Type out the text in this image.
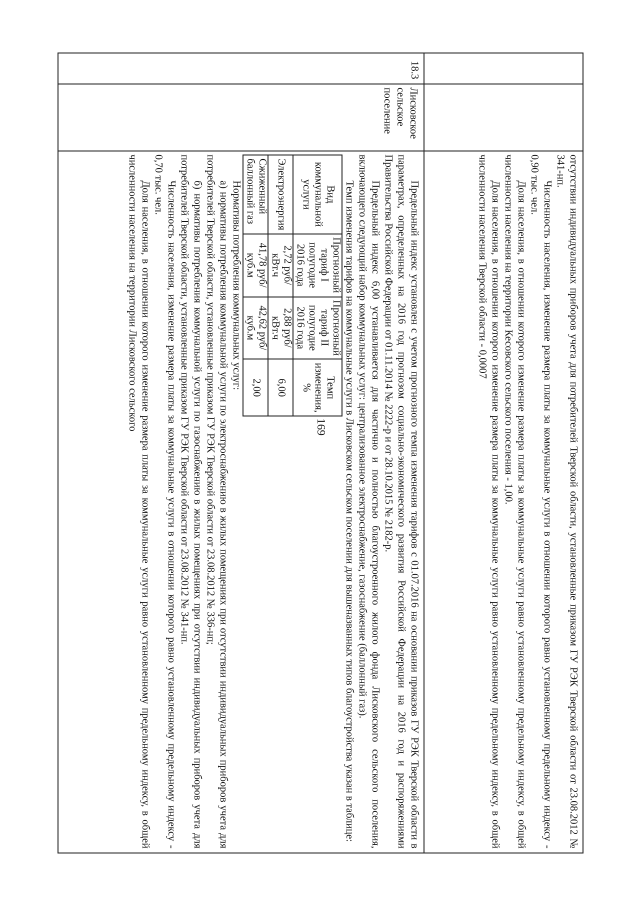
169	отсутствии индивидуальных приборов учета для потребителей Тверской области, установленные приказом ГУ РЭК Тверской области от 23.08.2012 № 341-нп.

Численность населения, изменение размера платы за коммунальные услуги в отношении которого равно установленному предельному индексу - 0,90 тыс. чел.

Доля населения, в отношении которого изменение размера платы за коммунальные услуги равно установленному предельному индексу, в общей численности населения на территории Кесовского сельского поселения - 1,00.

Доля населения, в отношении которого изменение размера платы за коммунальные услуги равно установленному предельному индексу, в общей численности населения Тверской области - 0,0007

18.3
Лисковское сельское поселение

Предельный индекс установлен с учетом прогнозного темпа изменения тарифов с 01.07.2016 на основании приказов ГУ РЭК Тверской области в параметрах, определенных на 2016 год прогнозом социально-экономического развития Российской Федерации на 2016 год и распоряжениями Правительства Российской Федерации от 01.11.2014 № 2222-р и от 28.10.2015 № 2182-р.

Предельный индекс 6,00 устанавливается для частично и полностью благоустроенного жилого фонда Лисковского сельского поселения, включающего следующий набор коммунальных услуг: централизованное электроснабжение, газоснабжение (баллонный газ).

Темп изменения тарифов на коммунальные услуги в Лисковском сельском поселении для вышеназванных типов благоустройства указан в таблице:

Вид коммунальной услуги	Прогнозный тариф I полугодие 2016 года	Прогнозный тариф II полугодие 2016 года	Темп изменения, %
Электроэнергия	2,72 руб/кВт.ч	2,88 руб/кВт.ч	6,00
Сжиженный баллонный газ	41,78 руб/куб.м	42,62 руб/куб.м	2,00

Нормативы потребления коммунальных услуг:

а) нормативы потребления коммунальной услуги по электроснабжению в жилых помещениях при отсутствии индивидуальных приборов учета для потребителей Тверской области, установленные приказом ГУ РЭК Тверской области от 23.08.2012 № 336-нп;

б) нормативы потребления коммунальной услуги по газоснабжению в жилых помещениях при отсутствии индивидуальных приборов учета для потребителей Тверской области, установленные приказом ГУ РЭК Тверской области от 23.08.2012 № 341-нп.

Численность населения, изменение размера платы за коммунальные услуги в отношении которого равно установленному предельному индексу - 0,70 тыс. чел.

Доля населения, в отношении которого изменение размера платы за коммунальные услуги равно установленному предельному индексу, в общей численности населения на территории Лисковского сельского
